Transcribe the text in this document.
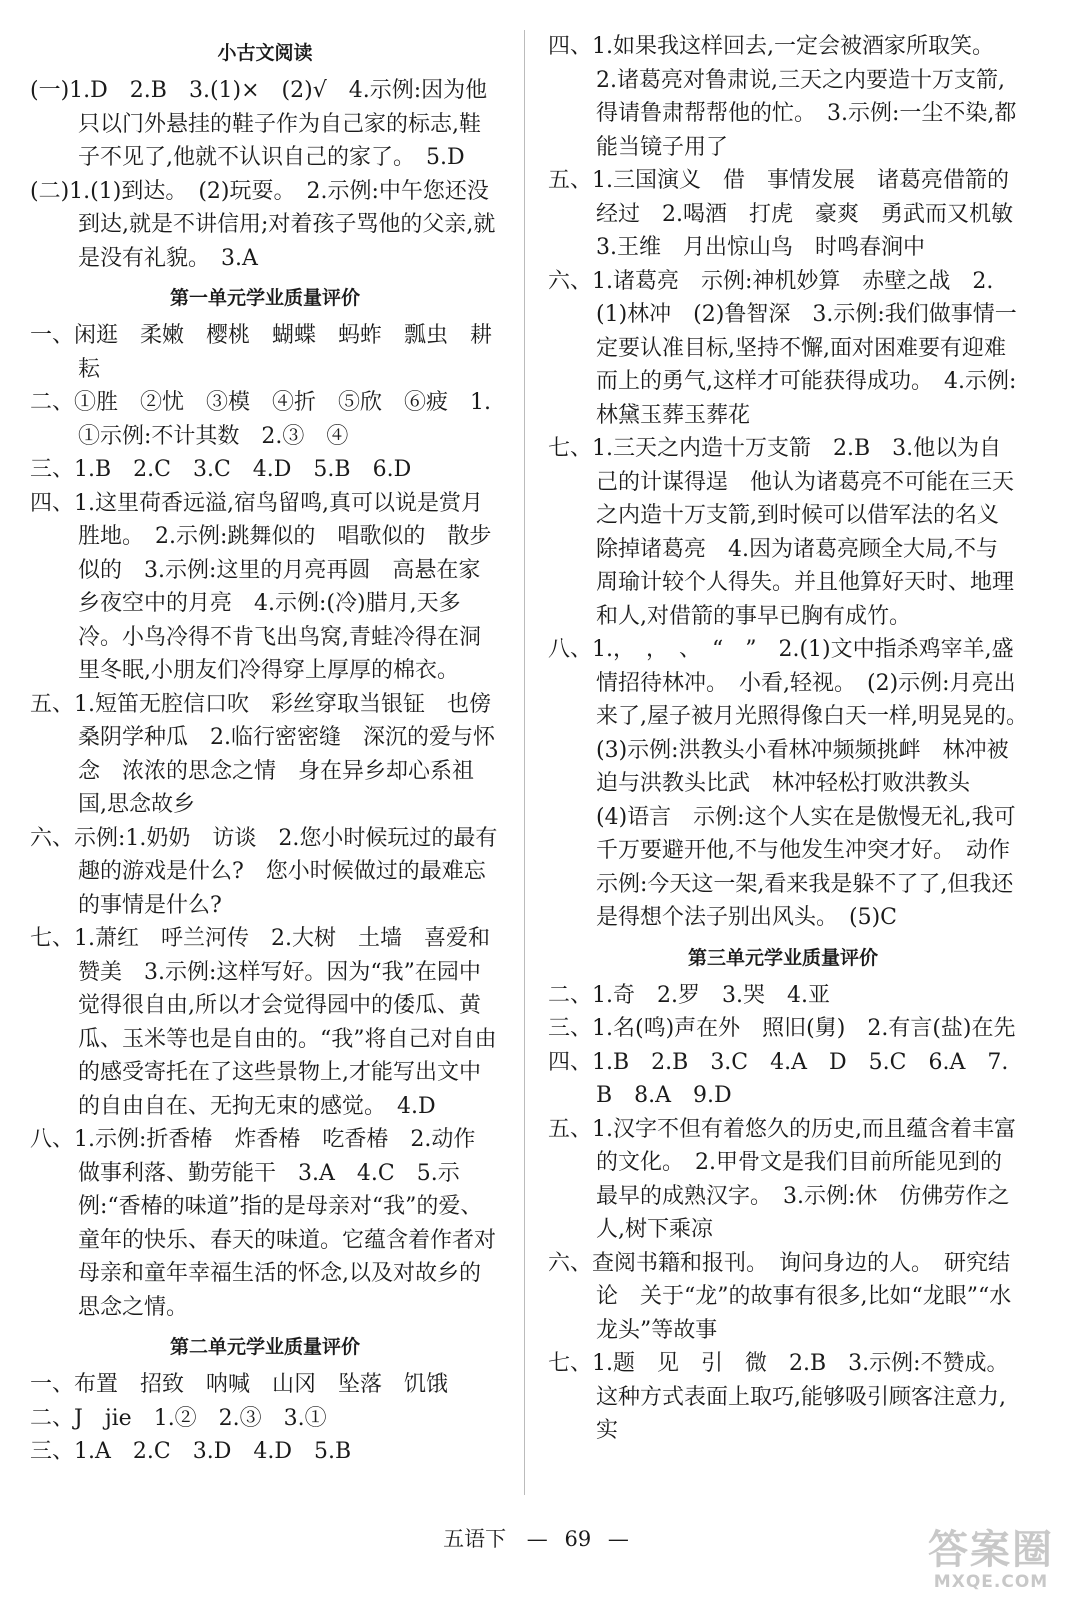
小古文阅读
(一)1.D　2.B　3.(1)×　(2)√　4.示例:因为他只以门外悬挂的鞋子作为自己家的标志,鞋子不见了,他就不认识自己的家了。　5.D
(二)1.(1)到达。　(2)玩耍。　2.示例:中午您还没到达,就是不讲信用;对着孩子骂他的父亲,就是没有礼貌。　3.A
第一单元学业质量评价
一、闲逛　柔嫩　樱桃　蝴蝶　蚂蚱　瓢虫　耕耘
二、①胜　②忧　③模　④折　⑤欣　⑥疲　1.①示例:不计其数　2.③　④
三、1.B　2.C　3.C　4.D　5.B　6.D
四、1.这里荷香远溢,宿鸟留鸣,真可以说是赏月胜地。　2.示例:跳舞似的　唱歌似的　散步似的　3.示例:这里的月亮再圆　高悬在家乡夜空中的月亮　4.示例:(冷)腊月,天多冷。小鸟冷得不肯飞出鸟窝,青蛙冷得在洞里冬眠,小朋友们冷得穿上厚厚的棉衣。
五、1.短笛无腔信口吹　彩丝穿取当银钲　也傍桑阴学种瓜　2.临行密密缝　深沉的爱与怀念　浓浓的思念之情　身在异乡却心系祖国,思念故乡
六、示例:1.奶奶　访谈　2.您小时候玩过的最有趣的游戏是什么?　您小时候做过的最难忘的事情是什么?
七、1.萧红　呼兰河传　2.大树　土墙　喜爱和赞美　3.示例:这样写好。因为“我”在园中觉得很自由,所以才会觉得园中的倭瓜、黄瓜、玉米等也是自由的。“我”将自己对自由的感受寄托在了这些景物上,才能写出文中的自由自在、无拘无束的感觉。　4.D
八、1.示例:折香椿　炸香椿　吃香椿　2.动作　做事利落、勤劳能干　3.A　4.C　5.示例:“香椿的味道”指的是母亲对“我”的爱、童年的快乐、春天的味道。它蕴含着作者对母亲和童年幸福生活的怀念,以及对故乡的思念之情。
第二单元学业质量评价
一、布置　招致　呐喊　山冈　坠落　饥饿
二、J　jie　1.②　2.③　3.①
三、1.A　2.C　3.D　4.D　5.B
四、1.如果我这样回去,一定会被酒家所取笑。　2.诸葛亮对鲁肃说,三天之内要造十万支箭,得请鲁肃帮帮他的忙。　3.示例:一尘不染,都能当镜子用了
五、1.三国演义　借　事情发展　诸葛亮借箭的经过　2.喝酒　打虎　豪爽　勇武而又机敏　3.王维　月出惊山鸟　时鸣春涧中
六、1.诸葛亮　示例:神机妙算　赤壁之战　2.(1)林冲　(2)鲁智深　3.示例:我们做事情一定要认准目标,坚持不懈,面对困难要有迎难而上的勇气,这样才可能获得成功。　4.示例:林黛玉葬玉葬花
七、1.三天之内造十万支箭　2.B　3.他以为自己的计谋得逞　他认为诸葛亮不可能在三天之内造十万支箭,到时候可以借军法的名义除掉诸葛亮　4.因为诸葛亮顾全大局,不与周瑜计较个人得失。并且他算好天时、地理和人,对借箭的事早已胸有成竹。
八、1.，　，　、　“　”　2.(1)文中指杀鸡宰羊,盛情招待林冲。　小看,轻视。　(2)示例:月亮出来了,屋子被月光照得像白天一样,明晃晃的。　(3)示例:洪教头小看林冲频频挑衅　林冲被迫与洪教头比武　林冲轻松打败洪教头　(4)语言　示例:这个人实在是傲慢无礼,我可千万要避开他,不与他发生冲突才好。　动作　示例:今天这一架,看来我是躲不了了,但我还是得想个法子别出风头。　(5)C
第三单元学业质量评价
二、1.奇　2.罗　3.哭　4.亚
三、1.名(鸣)声在外　照旧(舅)　2.有言(盐)在先
四、1.B　2.B　3.C　4.A　D　5.C　6.A　7.B　8.A　9.D
五、1.汉字不但有着悠久的历史,而且蕴含着丰富的文化。　2.甲骨文是我们目前所能见到的最早的成熟汉字。　3.示例:休　仿佛劳作之人,树下乘凉
六、查阅书籍和报刊。　询问身边的人。　研究结论　关于“龙”的故事有很多,比如“龙眼”“水龙头”等故事
七、1.题　见　引　微　2.B　3.示例:不赞成。这种方式表面上取巧,能够吸引顾客注意力,实
五语下 — 69 —	答案圈
MXQE.COM
